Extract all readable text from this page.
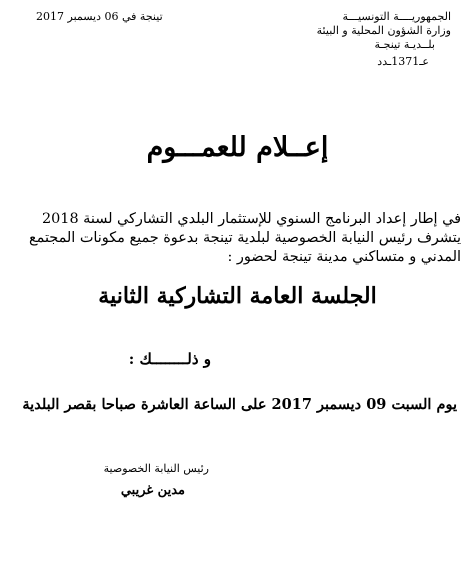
الجمهوريــــة التونسيـــة
وزارة الشؤون المحلية و البيئة
بلــديـة تينجـة
عـ1371ـدد
تينجة في 06 ديسمبر 2017
إعــلام للعمـــوم

في إطار إعداد البرنامج السنوي للإستثمار البلدي التشاركي لسنة 2018

يتشرف رئيس النيابة الخصوصية لبلدية تينجة بدعوة جميع مكونات المجتمع

المدني و متساكني مدينة تينجة لحضور :

الجلسة العامة التشاركية الثانية
و ذلــــــــك :
يوم السبت 09 ديسمبر 2017 على الساعة العاشرة صباحا بقصر البلدية
رئيس النيابة الخصوصية
مدين غريبي
